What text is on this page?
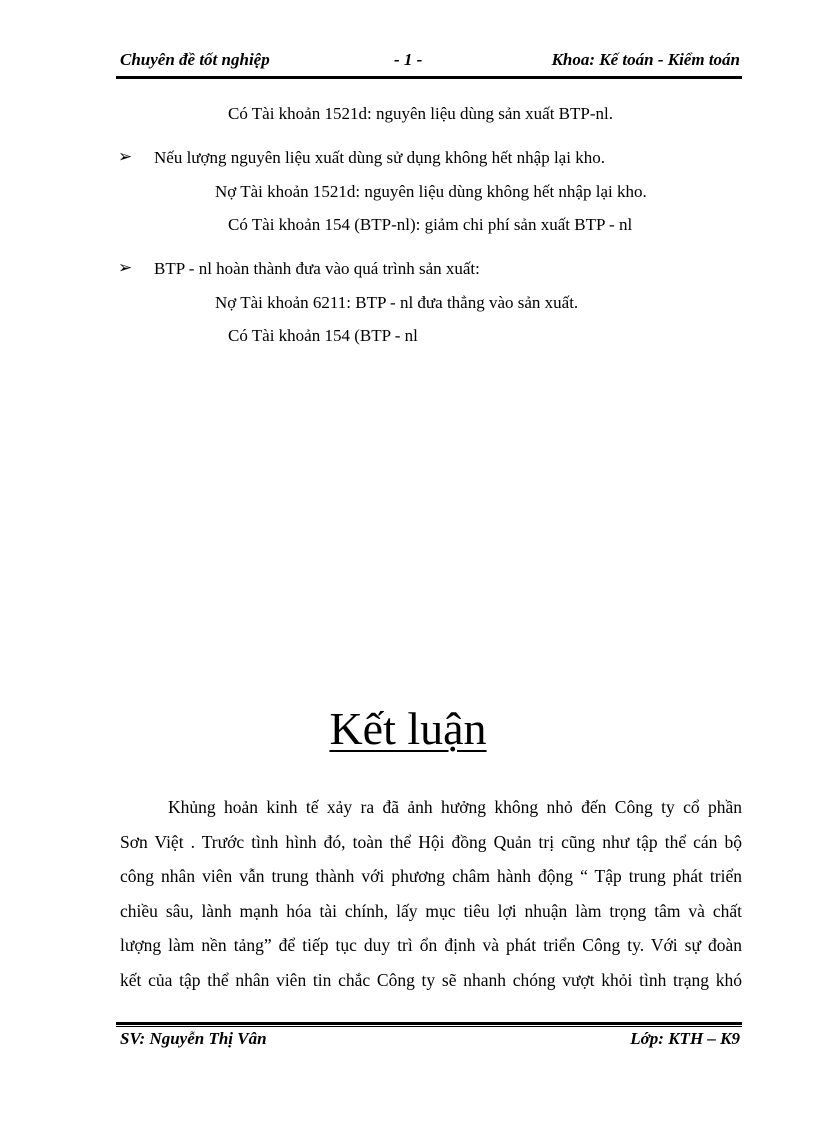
Chuyên đề tốt nghiệp	- 1 -	Khoa: Kế toán - Kiểm toán
Có Tài khoản 1521d: nguyên liệu dùng sản xuất BTP-nl.
➢ Nếu lượng nguyên liệu xuất dùng sử dụng không hết nhập lại kho.
Nợ Tài khoản 1521d: nguyên liệu dùng không hết nhập lại kho.
Có Tài khoản 154 (BTP-nl): giảm chi phí sản xuất BTP - nl
➢ BTP - nl hoàn thành đưa vào quá trình sản xuất:
Nợ Tài khoản 6211: BTP - nl đưa thẳng vào sản xuất.
Có Tài khoản 154 (BTP - nl
Kết luận
Khủng hoản kinh tế xảy ra đã ảnh hưởng không nhỏ đến Công ty cổ phần
Sơn Việt . Trước tình hình đó, toàn thể Hội đồng Quản trị cũng như tập thể cán bộ
công nhân viên vẫn trung thành với phương châm hành động “ Tập trung phát triển
chiều sâu, lành mạnh hóa tài chính, lấy mục tiêu lợi nhuận làm trọng tâm và chất
lượng làm nền tảng” để tiếp tục duy trì ổn định và phát triển Công ty. Với sự đoàn
kết của tập thể nhân viên tin chắc Công ty sẽ nhanh chóng vượt khỏi tình trạng khó
SV: Nguyễn Thị Vân	Lớp: KTH – K9
